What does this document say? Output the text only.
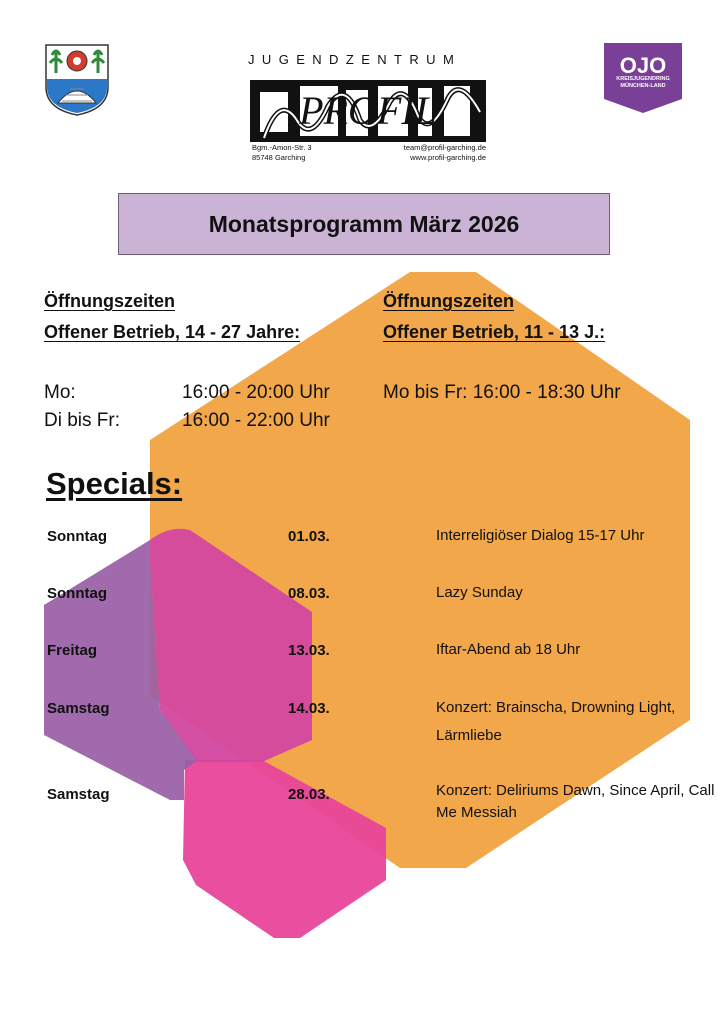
JUGENDZENTRUM
PROFIL
Bgm.-Amon-Str. 3
85748 Garching
team@profil-garching.de
www.profil-garching.de
OJO
KREISJUGENDRING
MÜNCHEN-LAND
Monatsprogramm März 2026
Öffnungszeiten
Offener Betrieb, 14 - 27 Jahre:
Mo:	16:00 - 20:00 Uhr
Di bis Fr:	16:00 - 22:00 Uhr
Öffnungszeiten
Offener Betrieb, 11 - 13 J.:
Mo bis Fr: 16:00 - 18:30 Uhr
Specials:
Sonntag	01.03.	Interreligiöser Dialog 15-17 Uhr
Sonntag	08.03.	Lazy Sunday
Freitag	13.03.	Iftar-Abend ab 18 Uhr
Samstag	14.03.	Konzert: Brainscha, Drowning Light, Lärmliebe
Samstag	28.03.	Konzert: Deliriums Dawn, Since April, Call Me Messiah
